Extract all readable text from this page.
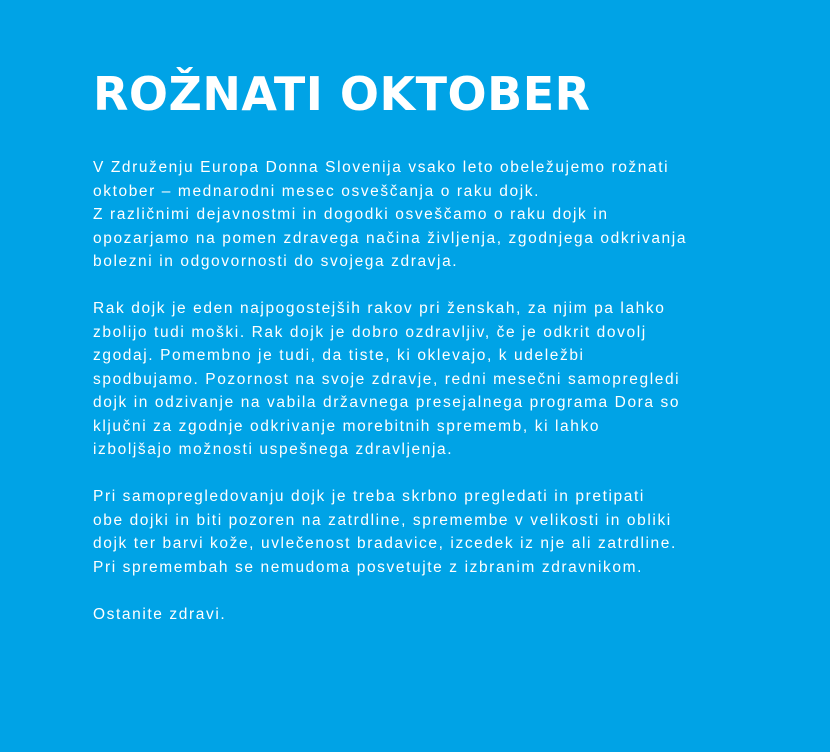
ROŽNATI OKTOBER

V Združenju Europa Donna Slovenija vsako leto obeležujemo rožnati
oktober – mednarodni mesec osveščanja o raku dojk.
Z različnimi dejavnostmi in dogodki osveščamo o raku dojk in
opozarjamo na pomen zdravega načina življenja, zgodnjega odkrivanja
bolezni in odgovornosti do svojega zdravja.

Rak dojk je eden najpogostejših rakov pri ženskah, za njim pa lahko
zbolijo tudi moški. Rak dojk je dobro ozdravljiv, če je odkrit dovolj
zgodaj. Pomembno je tudi, da tiste, ki oklevajo, k udeležbi
spodbujamo. Pozornost na svoje zdravje, redni mesečni samopregledi
dojk in odzivanje na vabila državnega presejalnega programa Dora so
ključni za zgodnje odkrivanje morebitnih sprememb, ki lahko
izboljšajo možnosti uspešnega zdravljenja.

Pri samopregledovanju dojk je treba skrbno pregledati in pretipati
obe dojki in biti pozoren na zatrdline, spremembe v velikosti in obliki
dojk ter barvi kože, uvlečenost bradavice, izcedek iz nje ali zatrdline.
Pri spremembah se nemudoma posvetujte z izbranim zdravnikom.

Ostanite zdravi.
